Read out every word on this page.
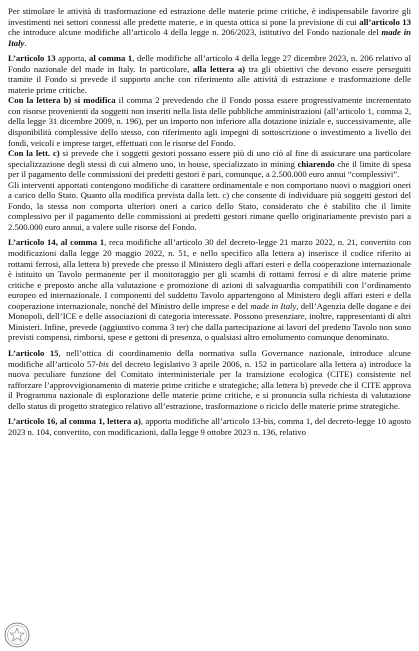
Per stimolare le attività di trasformazione ed estrazione delle materie prime critiche, è indispensabile favorire gli investimenti nei settori connessi alle predette materie, e in questa ottica si pone la previsione di cui all’articolo 13 che introduce alcune modifiche all’articolo 4 della legge n. 206/2023, istitutivo del Fondo nazionale del made in Italy.

L’articolo 13 apporta, al comma 1, delle modifiche all’articolo 4 della legge 27 dicembre 2023, n. 206 relativo al Fondo nazionale del made in Italy. In particolare, alla lettera a) tra gli obiettivi che devono essere perseguiti tramite il Fondo si prevede il supporto anche con riferimento alle attività di estrazione e trasformazione delle materie prime critiche.

Con la lettera b) si modifica il comma 2 prevedendo che il Fondo possa essere progressivamente incrementato con risorse provenienti da soggetti non inseriti nella lista delle pubbliche amministrazioni (all’articolo 1, comma 2, della legge 31 dicembre 2009, n. 196), per un importo non inferiore alla dotazione iniziale e, successivamente, alle disponibilità complessive dello stesso, con riferimento agli impegni di sottoscrizione o investimento a livello dei fondi, veicoli e imprese target, effettuati con le risorse del Fondo.

Con la lett. c) si prevede che i soggetti gestori possano essere più di uno ciò al fine di assicurare una particolare specializzazione degli stessi di cui almeno uno, in house, specializzato in mining chiarendo che il limite di spesa per il pagamento delle commissioni dei predetti gestori è pari, comunque, a 2.500.000 euro annui “complessivi”.

Gli interventi apportati contengono modifiche di carattere ordinamentale e non comportano nuovi o maggiori oneri a carico dello Stato. Quanto alla modifica prevista dalla lett. c) che consente di individuare più soggetti gestori del Fondo, la stessa non comporta ulteriori oneri a carico dello Stato, considerato che è stabilito che il limite complessivo per il pagamento delle commissioni ai predetti gestori rimane quello originariamente previsto pari a 2.500.000 euro annui, a valere sulle risorse del Fondo.

L’articolo 14, al comma 1, reca modifiche all’articolo 30 del decreto-legge 21 marzo 2022, n. 21, convertito con modificazioni dalla legge 20 maggio 2022, n. 51, e nello specifico alla lettera a) inserisce il codice riferito ai rottami ferrosi, alla lettera b) prevede che presso il Ministero degli affari esteri e della cooperazione internazionale è istituito un Tavolo permanente per il monitoraggio per gli scambi di rottami ferrosi e di altre materie prime critiche e preposto anche alla valutazione e promozione di azioni di salvaguardia compatibili con l’ordinamento europeo ed internazionale. I componenti del suddetto Tavolo appartengono al Ministero degli affari esteri e della cooperazione internazionale, nonché del Ministro delle imprese e del made in Italy, dell’Agenzia delle dogane e dei Monopoli, dell’ICE e delle associazioni di categoria interessate. Possono presenziare, inoltre, rappresentanti di altri Ministeri. Infine, prevede (aggiuntivo comma 3 ter) che dalla partecipazione ai lavori del predetto Tavolo non sono previsti compensi, rimborsi, spese e gettoni di presenza, o qualsiasi altro emolumento comunque denominato.

L’articolo 15, nell’ottica di coordinamento della normativa sulla Governance nazionale, introduce alcune modifiche all’articolo 57-bis del decreto legislativo 3 aprile 2006, n. 152 in particolare alla lettera a) introduce la nuova peculiare funzione del Comitato interministeriale per la transizione ecologica (CITE) consistente nel rafforzare l’approvvigionamento di materie prime critiche e strategiche; alla lettera b) prevede che il CITE approva il Programma nazionale di esplorazione delle materie prime critiche, e si pronuncia sulla richiesta di valutazione dello status di progetto strategico relativo all’estrazione, trasformazione o riciclo delle materie prime strategiche.

L’articolo 16, al comma 1, lettera a), apporta modifiche all’articolo 13-bis, comma 1, del decreto-legge 10 agosto 2023 n. 104, convertito, con modificazioni, dalla legge 9 ottobre 2023 n. 136, relativo
